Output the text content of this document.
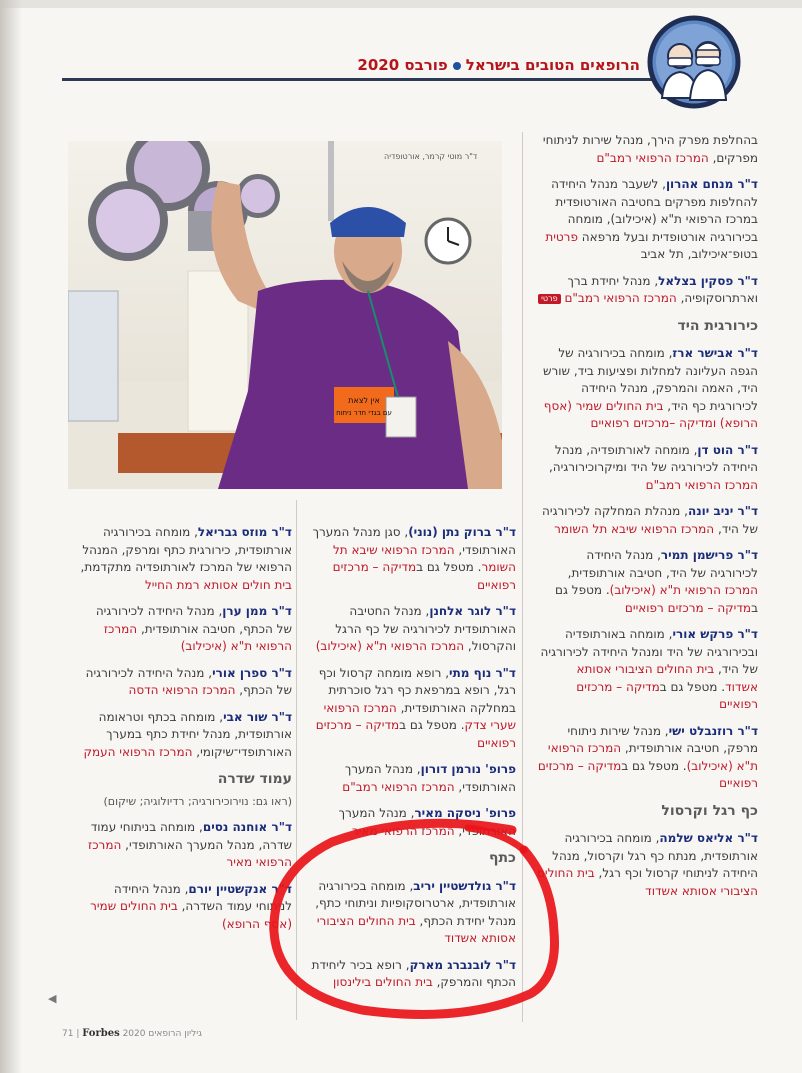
הרופאים הטובים בישראלפורבס 2020
אין לצאת
עם בגדי חדר ניתוח
ד"ר מוטי קרמר, אורטופדיה
בהחלפת מפרק הירך, מנהל שירות לניתוחי מפרקים, המרכז הרפואי רמב"ם
ד"ר מנחם אהרון, לשעבר מנהל היחידה להחלפות מפרקים בחטיבה האורטופדית במרכז הרפואי ת"א (איכילוב), מומחה בכירורגיה אורטופדית ובעל מרפאה פרטית בטופ־איכילוב, תל אביב
ד"ר פסקין בצלאל, מנהל יחידת ברך וארתרוסקופיה, המרכז הרפואי רמב"ם פרטי
כירורגית היד
ד"ר אבישר ארז, מומחה בכירורגיה של הגפה העליונה למחלות ופציעות ביד, שורש היד, האמה והמרפק, מנהל היחידה לכירורגית כף היד, בית החולים שמיר (אסף הרופא) ומדיקה –מרכזים רפואיים
ד"ר הוט דן, מומחה לאורתופדיה, מנהל היחידה לכירורגיה של היד ומיקרוכירורגיה, המרכז הרפואי רמב"ם
ד"ר יניב יונה, מנהלת המחלקה לכירורגיה של היד, המרכז הרפואי שיבא תל השומר
ד"ר פרישמן תמיר, מנהל היחידה לכירורגיה של היד, חטיבה אורתופדית, המרכז הרפואי ת"א (איכילוב). מטפל גם במדיקה – מרכזים רפואיים
ד"ר פרקש אורי, מומחה באורתופדיה ובכירורגיה של היד ומנהל היחידה לכירורגיה של היד, בית החולים הציבורי אסותא אשדוד. מטפל גם במדיקה – מרכזים רפואיים
ד"ר רוזנבלט ישי, מנהל שירות ניתוחי מרפק, חטיבה אורתופדית, המרכז הרפואי ת"א (איכילוב). מטפל גם במדיקה – מרכזים רפואיים
כף רגל וקרסול
ד"ר אליאס שלמה, מומחה בכירורגיה אורתופדית, מנתח כף רגל וקרסול, מנהל היחידה לניתוחי קרסול וכף רגל, בית החולים הציבורי אסותא אשדוד
ד"ר ברוק נתן (נוני), סגן מנהל המערך האורתופדי, המרכז הרפואי שיבא תל השומר. מטפל גם במדיקה – מרכזים רפואיים
ד"ר לוגר אלחנן, מנהל החטיבה האורתופדית לכירורגיה של כף הרגל והקרסול, המרכז הרפואי ת"א (איכילוב)
ד"ר נוף מתי, רופא מומחה קרסול וכף רגל, רופא במרפאת כף רגל סוכרתית במחלקה האורתופדית, המרכז הרפואי שערי צדק. מטפל גם במדיקה – מרכזים רפואיים
פרופ' נורמן דורון, מנהל המערך האורתופדי, המרכז הרפואי רמב"ם
פרופ' ניסקה מאיר, מנהל המערך האורתופדי, המרכז הרפואי מאיר
כתף
ד"ר גולדשטיין יריב, מומחה בכירורגיה אורתופדית, ארטרוסקופיות וניתוחי כתף, מנהל יחידת הכתף, בית החולים הציבורי אסותא אשדוד
ד"ר לובנברג מארק, רופא בכיר ליחידת הכתף והמרפק, בית החולים בילינסון
ד"ר מוזס גבריאל, מומחה בכירורגיה אורתופדית, כירורגית כתף ומרפק, המנהל הרפואי של המרכז לאורתופדיה מתקדמת, בית חולים אסותא רמת החייל
ד"ר ממן ערן, מנהל היחידה לכירורגיה של הכתף, חטיבה אורתופדית, המרכז הרפואי ת"א (איכילוב)
ד"ר ספרן אורי, מנהל היחידה לכירורגיה של הכתף, המרכז הרפואי הדסה
ד"ר שור אבי, מומחה בכתף וטראומה אורתופדית, מנהל יחידת כתף במערך האורתופדי־שיקומי, המרכז הרפואי העמק
עמוד שדרה
(ראו גם: נוירוכירורגיה; רדיולוגיה; שיקום)
ד"ר אוחנה נסים, מומחה בניתוחי עמוד שדרה, מנהל המערך האורתופדי, המרכז הרפואי מאיר
ד"ר אנקשטיין יורם, מנהל היחידה לניתוחי עמוד השדרה, בית החולים שמיר (אסף הרופא)
◀
71 | Forbes 2020 גיליון הרופאים
